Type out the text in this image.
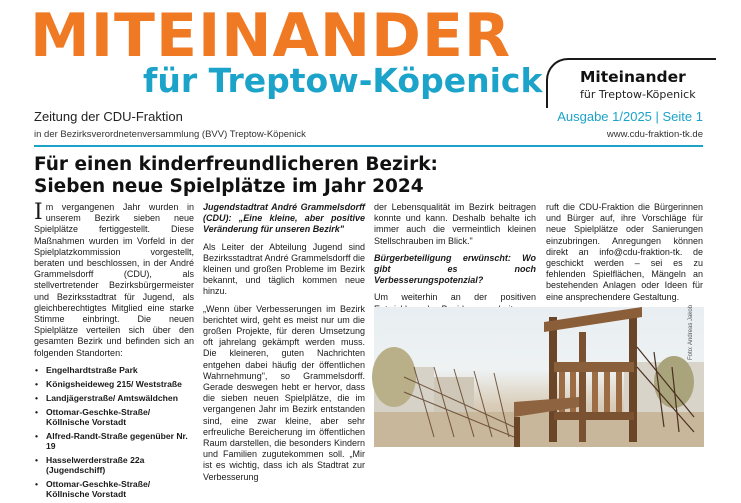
MITEINANDER
für Treptow-Köpenick Miteinander
für Treptow-Köpenick
Zeitung der CDU-Fraktion
in der Bezirksverordnetenversammlung (BVV) Treptow-Köpenick
Ausgabe 1/2025 | Seite 1
www.cdu-fraktion-tk.de
Für einen kinderfreundlicheren Bezirk:
Sieben neue Spielplätze im Jahr 2024

Im vergangenen Jahr wurden in unserem Bezirk sieben neue Spielplätze fertiggestellt. Diese Maßnahmen wurden im Vorfeld in der Spielplatzkommission vorgestellt, beraten und beschlossen, in der André Grammelsdorff (CDU), als stellvertretender Bezirksbürgermeister und Bezirksstadtrat für Jugend, als gleichberechtigtes Mitglied eine starke Stimme einbringt. Die neuen Spielplätze verteilen sich über den gesamten Bezirk und befinden sich an folgenden Standorten:

• Engelhardtstraße Park
• Königsheideweg 215/ Weststraße
• Landjägerstraße/ Amtswäldchen
• Ottomar-Geschke-Straße/ Köllnische Vorstadt
• Alfred-Randt-Straße gegenüber Nr. 19
• Hasselwerderstraße 22a (Jugendschiff)
• Ottomar-Geschke-Straße/ Köllnische Vorstadt

Jugendstadtrat André Grammelsdorff (CDU): „Eine kleine, aber positive Veränderung für unseren Bezirk"

Als Leiter der Abteilung Jugend sind Bezirksstadtrat André Grammelsdorff die kleinen und großen Probleme im Bezirk bekannt, und täglich kommen neue hinzu.

„Wenn über Verbesserungen im Bezirk berichtet wird, geht es meist nur um die großen Projekte, für deren Umsetzung oft jahrelang gekämpft werden muss. Die kleineren, guten Nachrichten entgehen dabei häufig der öffentlichen Wahrnehmung", so Grammelsdorff. Gerade deswegen hebt er hervor, dass die sieben neuen Spielplätze, die im vergangenen Jahr im Bezirk entstanden sind, eine zwar kleine, aber sehr erfreuliche Bereicherung im öffentlichen Raum darstellen, die besonders Kindern und Familien zugutekommen soll. „Mir ist es wichtig, dass ich als Stadtrat zur Verbesserung

der Lebensqualität im Bezirk beitragen konnte und kann. Deshalb behalte ich immer auch die vermeintlich kleinen Stellschrauben im Blick."

Bürgerbeteiligung erwünscht: Wo gibt es noch Verbesserungspotenzial?

Um weiterhin an der positiven

ruft die CDU-Fraktion die Bürgerinnen und Bürger auf, ihre Vorschläge für neue Spielplätze oder Sanierungen einzubringen. Anregungen können direkt an info@cdu-fraktion-tk. de geschickt werden – sei es zu fehlenden Spielflächen, Mängeln an bestehenden Anlagen oder Ideen für eine ansprechendere Gestaltung.

Foto: Andreas Jakob
